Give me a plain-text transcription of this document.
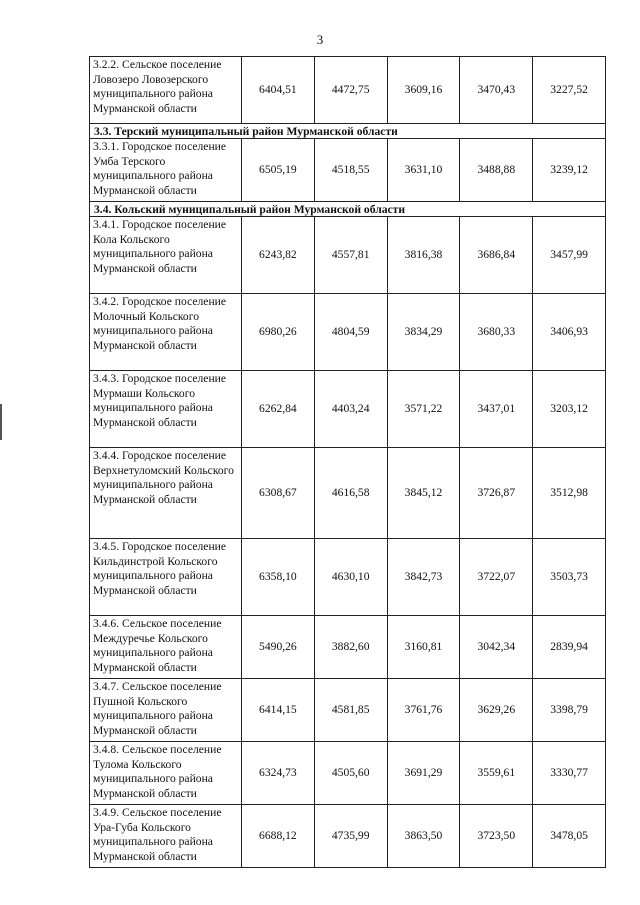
3
3.2.2. Сельское поселение Ловозеро Ловозерского муниципального района Мурманской области	6404,51	4472,75	3609,16	3470,43	3227,52
3.3. Терский муниципальный район Мурманской области					
3.3.1. Городское поселение Умба Терского муниципального района Мурманской области	6505,19	4518,55	3631,10	3488,88	3239,12
3.4. Кольский муниципальный район Мурманской области					
3.4.1. Городское поселение Кола Кольского муниципального района Мурманской области	6243,82	4557,81	3816,38	3686,84	3457,99
3.4.2. Городское поселение Молочный Кольского муниципального района Мурманской области	6980,26	4804,59	3834,29	3680,33	3406,93
3.4.3. Городское поселение Мурмаши Кольского муниципального района Мурманской области	6262,84	4403,24	3571,22	3437,01	3203,12
3.4.4. Городское поселение Верхнетуломский Кольского муниципального района Мурманской области	6308,67	4616,58	3845,12	3726,87	3512,98
3.4.5. Городское поселение Кильдинстрой Кольского муниципального района Мурманской области	6358,10	4630,10	3842,73	3722,07	3503,73
3.4.6. Сельское поселение Междуречье Кольского муниципального района Мурманской области	5490,26	3882,60	3160,81	3042,34	2839,94
3.4.7. Сельское поселение Пушной Кольского муниципального района Мурманской области	6414,15	4581,85	3761,76	3629,26	3398,79
3.4.8. Сельское поселение Тулома Кольского муниципального района Мурманской области	6324,73	4505,60	3691,29	3559,61	3330,77
3.4.9. Сельское поселение Ура-Губа Кольского муниципального района Мурманской области	6688,12	4735,99	3863,50	3723,50	3478,05
